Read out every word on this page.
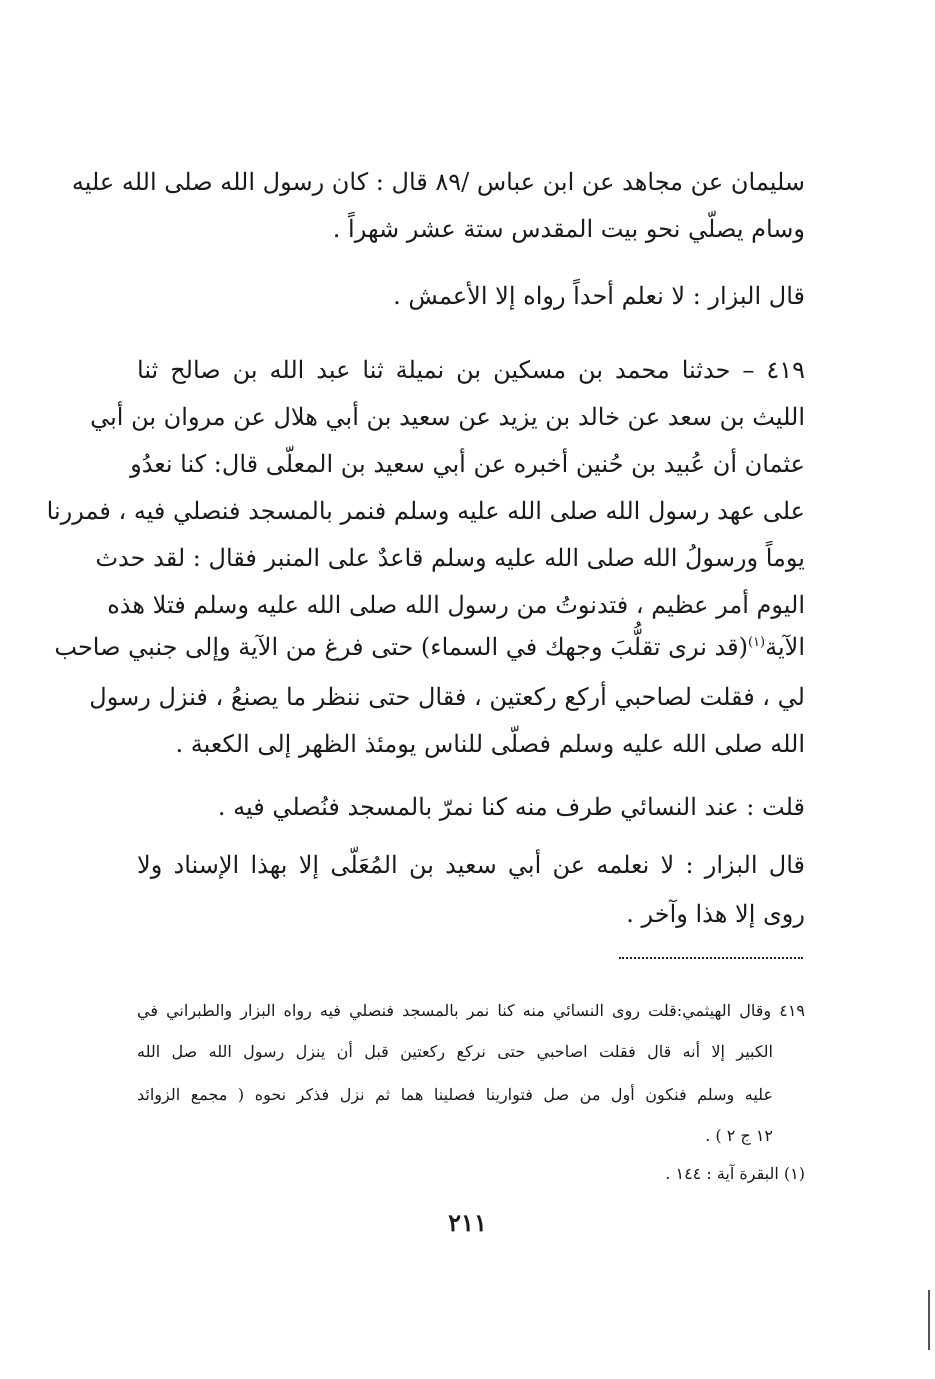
سليمان عن مجاهد عن ابن عباس /٨٩ قال : كان رسول الله صلى الله عليه
وسام يصلّي نحو بيت المقدس ستة عشر شهراً .
قال البزار : لا نعلم أحداً رواه إلا الأعمش .
٤١٩ – حدثنا محمد بن مسكين بن نميلة ثنا عبد الله بن صالح ثنا
الليث بن سعد عن خالد بن يزيد عن سعيد بن أبي هلال عن مروان بن أبي
عثمان أن عُبيد بن حُنين أخبره عن أبي سعيد بن المعلّى قال: كنا نعدُو
على عهد رسول الله صلى الله عليه وسلم فنمر بالمسجد فنصلي فيه ، فمررنا
يوماً ورسولُ الله صلى الله عليه وسلم قاعدٌ على المنبر فقال : لقد حدث
اليوم أمر عظيم ، فتدنوتُ من رسول الله صلى الله عليه وسلم فتلا هذه
الآية$^{(١)}$(قد نرى تقلُّبَ وجهك في السماء) حتى فرغ من الآية وإلى جنبي صاحب
لي ، فقلت لصاحبي أركع ركعتين ، فقال حتى ننظر ما يصنعُ ، فنزل رسول
الله صلى الله عليه وسلم فصلّى للناس يومئذ الظهر إلى الكعبة .
قلت : عند النسائي طرف منه كنا نمرّ بالمسجد فنُصلي فيه .
قال البزار : لا نعلمه عن أبي سعيد بن المُعَلّى إلا بهذا الإسناد ولا
روى إلا هذا وآخر .
٤١٩ وقال الهيثمي:قلت روى النسائي منه كنا نمر بالمسجد فنصلي فيه رواه البزار والطبراني في
الكبير إلا أنه قال فقلت اصاحبي حتى نركع ركعتين قبل أن ينزل رسول الله صل الله
عليه وسلم فنكون أول من صل فتوارينا فصلينا هما ثم نزل فذكر نحوه ( مجمع الزوائد
١٢ ج ٢ ) .
(١) البقرة آية : ١٤٤ .
٢١١
